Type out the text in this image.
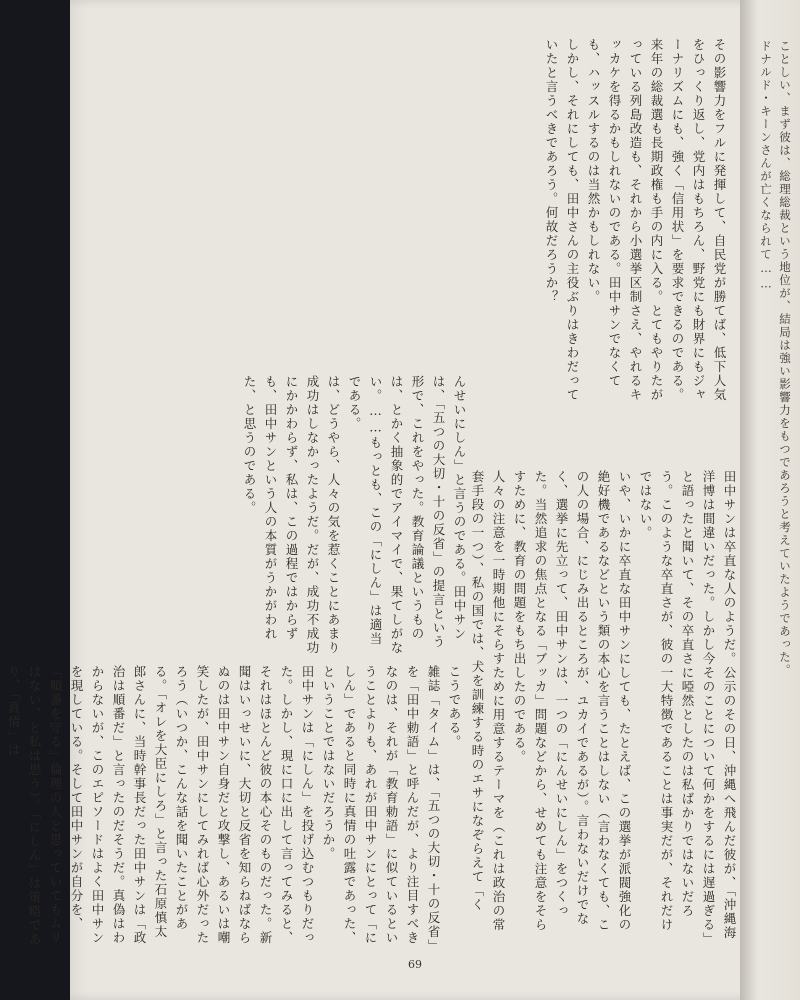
その影響力をフルに発揮して、自民党が勝てば、低下人気をひっくり返し、党内はもちろん、野党にも財界にもジャーナリズムにも、強く「信用状」を要求できるのである。来年の総裁選も長期政権も手の内に入る。とてもやりたがっている列島改造も、それから小選挙区制さえ、やれるキッカケを得るかもしれないのである。田中サンでなくても、ハッスルするのは当然かもしれない。

しかし、それにしても、田中さんの主役ぶりはきわだっていたと言うべきであろう。何故だろうか？

んせいにしん」と言うのである。田中サンは、「五つの大切・十の反省」の提言という形で、これをやった。教育論議というものは、とかく抽象的でアイマイで、果てしがない。……もっとも、この「にしん」は適当である。

は、どうやら、人々の気を惹くことにあまり成功はしなかったようだ。だが、成功不成功にかかわらず、私は、この過程ではからずも、田中サンという人の本質がうかがわれた、と思うのである。

田中サンは卒直な人のようだ。公示のその日、沖縄へ飛んだ彼が、「沖縄海洋博は間違いだった。しかし今そのことについて何かをするには遅過ぎる」と語ったと聞いて、その卒直さに啞然としたのは私ばかりではないだろう。このような卒直さが、彼の一大特徴であることは事実だが、それだけではない。

いや、いかに卒直な田中サンにしても、たとえば、この選挙が派閥強化の絶好機であるなどという類の本心を言うことはしない（言わなくても、この人の場合、にじみ出るところが、ユカイであるが）。言わないだけでなく、選挙に先立って、田中サンは、一つの「にんせいにしん」をつくった。当然追求の焦点となる「ブッカ」問題などから、せめても注意をそらすために、教育の問題をもち出したのである。

人々の注意を一時期他にそらすために用意するテーマを（これは政治の常套手段の一つ）、私の国では、犬を訓練する時のエサになぞらえて「く

こうである。

雑誌「タイム」は、「五つの大切・十の反省」を「田中勅語」と呼んだが、より注目すべきなのは、それが「教育勅語」に似ているということよりも、あれが田中サンにとって「にしん」であると同時に真情の吐露であった、ということではないだろうか。

田中サンは「にしん」を投げ込むつもりだった。しかし、現に口に出して言ってみると、それはほとんど彼の本心そのものだった。新聞はいっせいに、大切と反省を知らねばならぬのは田中サン自身だと攻撃し、あるいは嘲笑したが、田中サンにしてみれば心外だったろう（いつか、こんな話を聞いたことがある。「オレを大臣にしろ」と言った石原慎太郎さんに、当時幹事長だった田中サンは「政治は順番だ」と言ったのだそうだ。真偽はわからないが、このエピソードはよく田中サンを現している。そして田中サンが自分を、「順番を守る」倫理の人と思っていてもムリはない、と私は思う）。「にしん」は策略であり、「真情」は

69

ことしい、まず彼は、総理総裁という地位が、結局は強い影響力をもつであろうと考えていたようであった。

ドナルド・キーンさんが亡くなられて……
